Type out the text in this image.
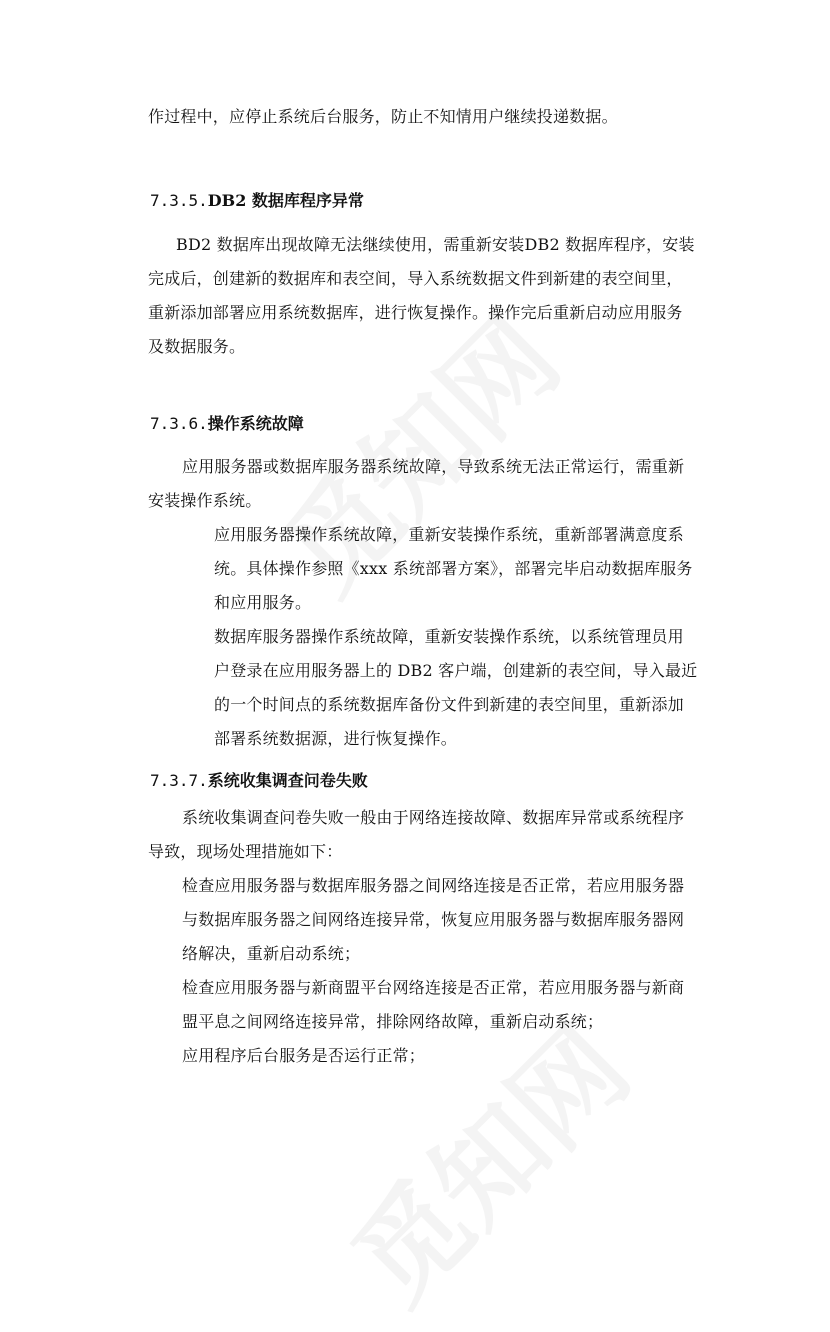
作过程中，应停止系统后台服务，防止不知情用户继续投递数据。
7.3.5.DB2 数据库程序异常
BD2 数据库出现故障无法继续使用，需重新安装DB2 数据库程序，安装
完成后，创建新的数据库和表空间，导入系统数据文件到新建的表空间里，
重新添加部署应用系统数据库，进行恢复操作。操作完后重新启动应用服务
及数据服务。
7.3.6.操作系统故障
应用服务器或数据库服务器系统故障，导致系统无法正常运行，需重新
安装操作系统。
应用服务器操作系统故障，重新安装操作系统，重新部署满意度系
统。具体操作参照《xxx 系统部署方案》，部署完毕启动数据库服务
和应用服务。
数据库服务器操作系统故障，重新安装操作系统，以系统管理员用
户登录在应用服务器上的 DB2 客户端，创建新的表空间，导入最近
的一个时间点的系统数据库备份文件到新建的表空间里，重新添加
部署系统数据源，进行恢复操作。
7.3.7.系统收集调查问卷失败
系统收集调查问卷失败一般由于网络连接故障、数据库异常或系统程序
导致，现场处理措施如下：
检查应用服务器与数据库服务器之间网络连接是否正常，若应用服务器
与数据库服务器之间网络连接异常，恢复应用服务器与数据库服务器网
络解决，重新启动系统；
检查应用服务器与新商盟平台网络连接是否正常，若应用服务器与新商
盟平息之间网络连接异常，排除网络故障，重新启动系统；
应用程序后台服务是否运行正常；
